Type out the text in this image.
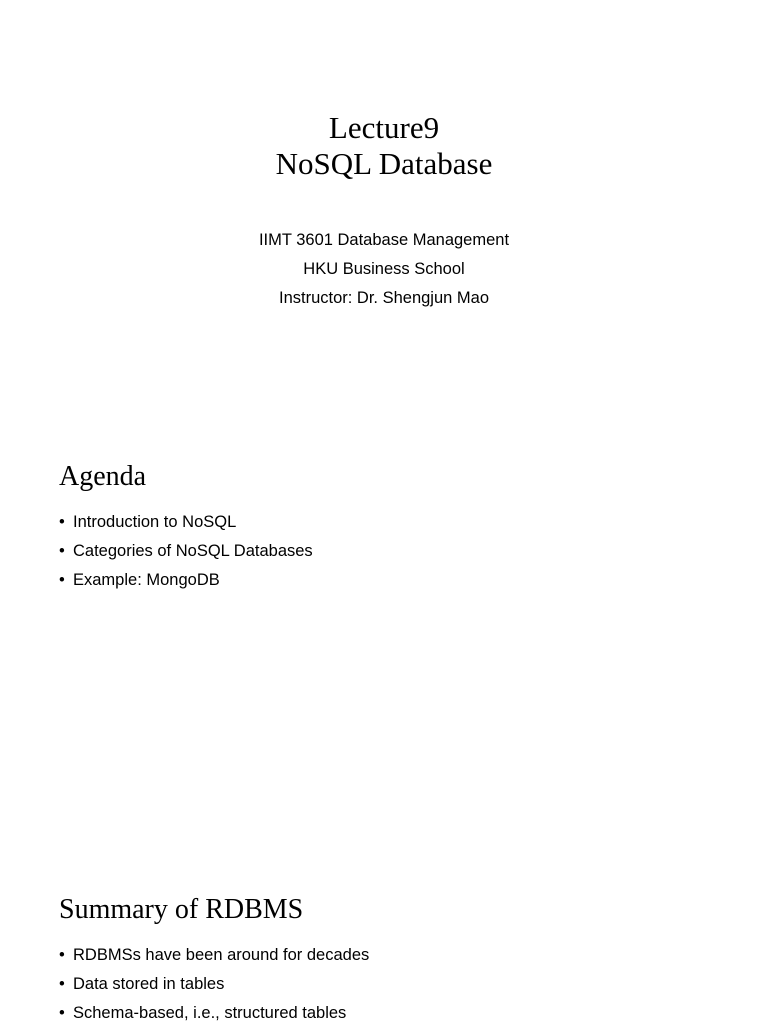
Lecture9
NoSQL Database
IIMT 3601 Database Management
HKU Business School
Instructor: Dr. Shengjun Mao
Agenda
• Introduction to NoSQL
• Categories of NoSQL Databases
• Example: MongoDB
Summary of RDBMS
• RDBMSs have been around for decades
• Data stored in tables
• Schema-based, i.e., structured tables
